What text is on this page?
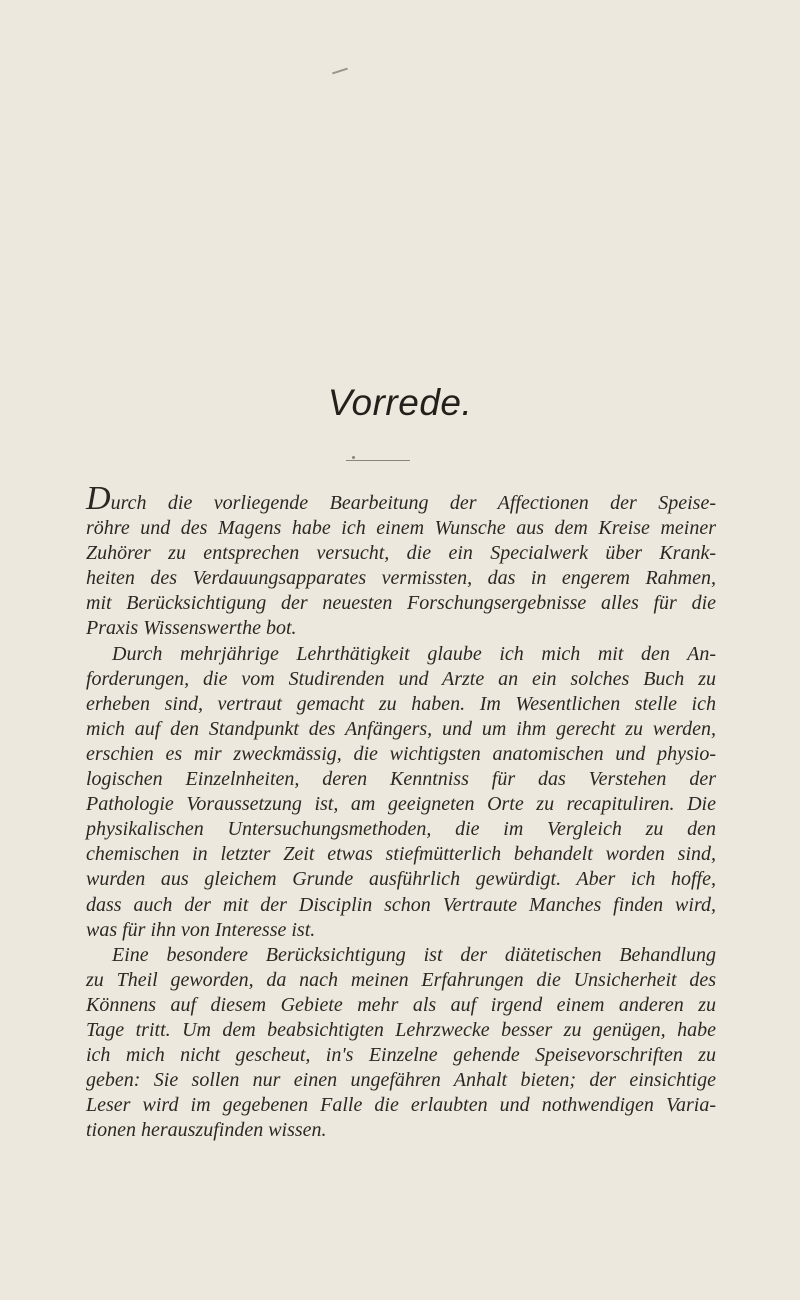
Vorrede.
Durch die vorliegende Bearbeitung der Affectionen der Speise-
röhre und des Magens habe ich einem Wunsche aus dem Kreise meiner
Zuhörer zu entsprechen versucht, die ein Specialwerk über Krank-
heiten des Verdauungsapparates vermissten, das in engerem Rahmen,
mit Berücksichtigung der neuesten Forschungsergebnisse alles für die
Praxis Wissenswerthe bot.
Durch mehrjährige Lehrthätigkeit glaube ich mich mit den An-
forderungen, die vom Studirenden und Arzte an ein solches Buch zu
erheben sind, vertraut gemacht zu haben. Im Wesentlichen stelle ich
mich auf den Standpunkt des Anfängers, und um ihm gerecht zu werden,
erschien es mir zweckmässig, die wichtigsten anatomischen und physio-
logischen Einzelnheiten, deren Kenntniss für das Verstehen der
Pathologie Voraussetzung ist, am geeigneten Orte zu recapituliren. Die
physikalischen Untersuchungsmethoden, die im Vergleich zu den
chemischen in letzter Zeit etwas stiefmütterlich behandelt worden sind,
wurden aus gleichem Grunde ausführlich gewürdigt. Aber ich hoffe,
dass auch der mit der Disciplin schon Vertraute Manches finden wird,
was für ihn von Interesse ist.
Eine besondere Berücksichtigung ist der diätetischen Behandlung
zu Theil geworden, da nach meinen Erfahrungen die Unsicherheit des
Könnens auf diesem Gebiete mehr als auf irgend einem anderen zu
Tage tritt. Um dem beabsichtigten Lehrzwecke besser zu genügen, habe
ich mich nicht gescheut, in's Einzelne gehende Speisevorschriften zu
geben: Sie sollen nur einen ungefähren Anhalt bieten; der einsichtige
Leser wird im gegebenen Falle die erlaubten und nothwendigen Varia-
tionen herauszufinden wissen.
